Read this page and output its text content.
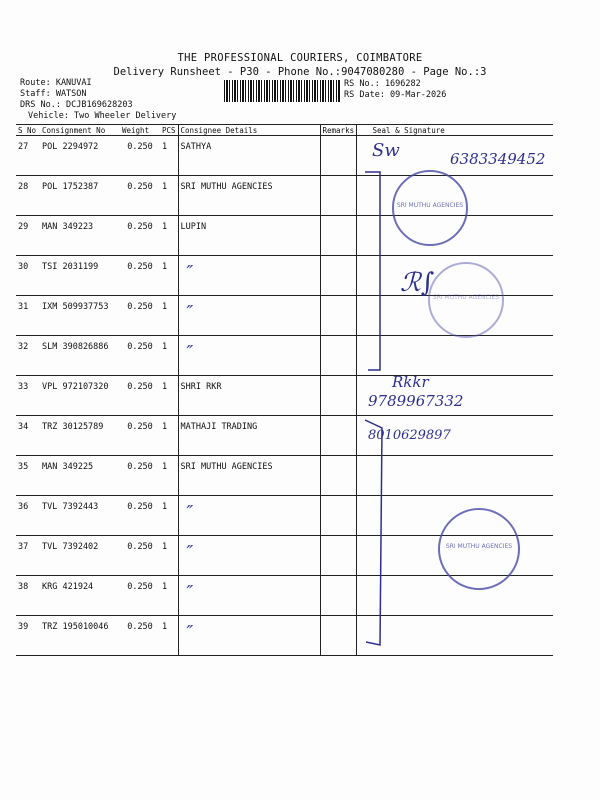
THE PROFESSIONAL COURIERS, COIMBATORE
Delivery Runsheet - P30 - Phone No.:9047080280 - Page No.:3
Route: KANUVAI
Staff: WATSON
DRS No.: DCJB169628203
Vehicle: Two Wheeler Delivery
RS No.: 1696282
RS Date: 09-Mar-2026
S No	Consignment No	Weight	PCS	Consignee Details	Remarks	Seal & Signature
27	POL 2294972	0.250	1	SATHYA		
28	POL 1752387	0.250	1	SRI MUTHU AGENCIES		
29	MAN 349223	0.250	1	LUPIN		
30	TSI 2031199	0.250	1	″		
31	IXM 509937753	0.250	1	″		
32	SLM 390826886	0.250	1	″		
33	VPL 972107320	0.250	1	SHRI RKR		
34	TRZ 30125789	0.250	1	MATHAJI TRADING		
35	MAN 349225	0.250	1	SRI MUTHU AGENCIES		
36	TVL 7392443	0.250	1	″		
37	TVL 7392402	0.250	1	″		
38	KRG 421924	0.250	1	″		
39	TRZ 195010046	0.250	1	″		
Sw	6383349452
Rkkr
9789967332
8010629897
ℛ∫
SRI MUTHU AGENCIES
SRI MUTHU AGENCIES
SRI MUTHU AGENCIES
